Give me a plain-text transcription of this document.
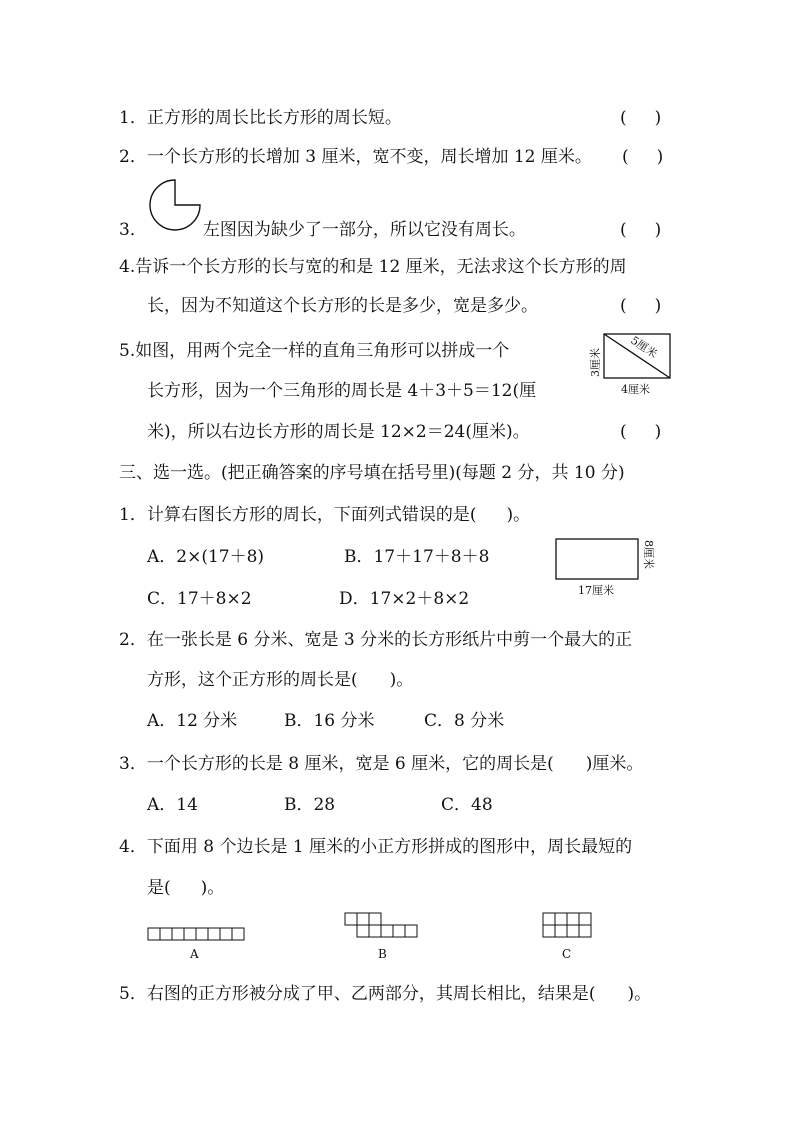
1．正方形的周长比长方形的周长短。	( )
2．一个长方形的长增加 3 厘米，宽不变，周长增加 12 厘米。 ( )
3．	左图因为缺少了一部分，所以它没有周长。	( )
4.告诉一个长方形的长与宽的和是 12 厘米，无法求这个长方形的周
长，因为不知道这个长方形的长是多少，宽是多少。	( )
5.如图，用两个完全一样的直角三角形可以拼成一个
长方形，因为一个三角形的周长是 4＋3＋5＝12(厘
米)，所以右边长方形的周长是 12×2＝24(厘米)。	( )
3厘米
4厘米
5厘米
三、选一选。(把正确答案的序号填在括号里)(每题 2 分，共 10 分)
1．计算右图长方形的周长，下面列式错误的是( )。
A．2×(17＋8)	B．17＋17＋8＋8
C．17＋8×2	D．17×2＋8×2
8厘米
17厘米
2．在一张长是 6 分米、宽是 3 分米的长方形纸片中剪一个最大的正
方形，这个正方形的周长是( )。
A．12 分米	B．16 分米	C．8 分米
3．一个长方形的长是 8 厘米，宽是 6 厘米，它的周长是( )厘米。
A．14	B．28	C．48
4．下面用 8 个边长是 1 厘米的小正方形拼成的图形中，周长最短的
是( )。
A	B	C
5．右图的正方形被分成了甲、乙两部分，其周长相比，结果是( )。
